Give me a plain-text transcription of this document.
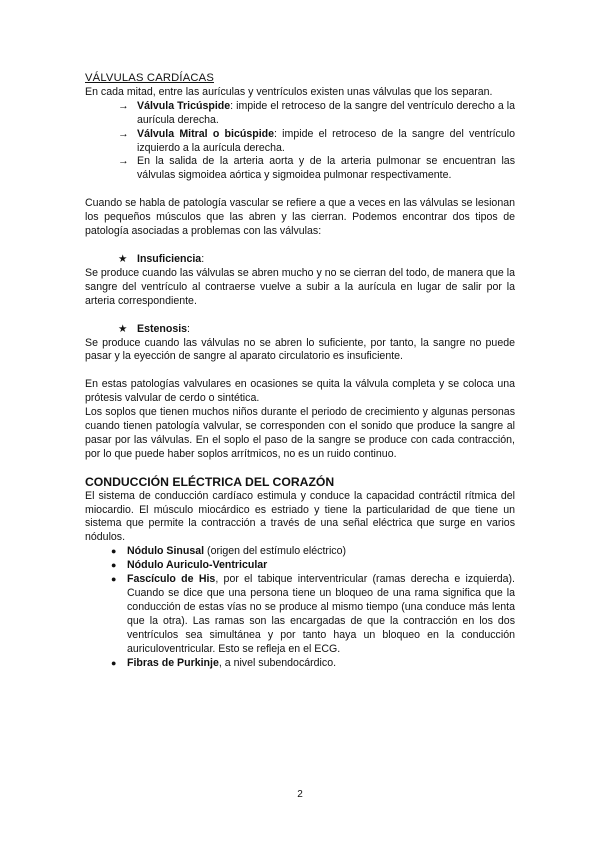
VÁLVULAS CARDÍACAS

En cada mitad, entre las aurículas y ventrículos existen unas válvulas que los separan.

→ Válvula Tricúspide: impide el retroceso de la sangre del ventrículo derecho a la aurícula derecha.
→ Válvula Mitral o bicúspide: impide el retroceso de la sangre del ventrículo izquierdo a la aurícula derecha.
→ En la salida de la arteria aorta y de la arteria pulmonar se encuentran las válvulas sigmoidea aórtica y sigmoidea pulmonar respectivamente.

Cuando se habla de patología vascular se refiere a que a veces en las válvulas se lesionan los pequeños músculos que las abren y las cierran. Podemos encontrar dos tipos de patología asociadas a problemas con las válvulas:

★ Insuficiencia:

Se produce cuando las válvulas se abren mucho y no se cierran del todo, de manera que la sangre del ventrículo al contraerse vuelve a subir a la aurícula en lugar de salir por la arteria correspondiente.

★ Estenosis:

Se produce cuando las válvulas no se abren lo suficiente, por tanto, la sangre no puede pasar y la eyección de sangre al aparato circulatorio es insuficiente.

En estas patologías valvulares en ocasiones se quita la válvula completa y se coloca una prótesis valvular de cerdo o sintética.

Los soplos que tienen muchos niños durante el periodo de crecimiento y algunas personas cuando tienen patología valvular, se corresponden con el sonido que produce la sangre al pasar por las válvulas. En el soplo el paso de la sangre se produce con cada contracción, por lo que puede haber soplos arrítmicos, no es un ruido continuo.

CONDUCCIÓN ELÉCTRICA DEL CORAZÓN

El sistema de conducción cardíaco estimula y conduce la capacidad contráctil rítmica del miocardio. El músculo miocárdico es estriado y tiene la particularidad de que tiene un sistema que permite la contracción a través de una señal eléctrica que surge en varios nódulos.

● Nódulo Sinusal (origen del estímulo eléctrico)
● Nódulo Auriculo-Ventricular
● Fascículo de His, por el tabique interventricular (ramas derecha e izquierda). Cuando se dice que una persona tiene un bloqueo de una rama significa que la conducción de estas vías no se produce al mismo tiempo (una conduce más lenta que la otra). Las ramas son las encargadas de que la contracción en los dos ventrículos sea simultánea y por tanto haya un bloqueo en la conducción auriculoventricular. Esto se refleja en el ECG.
● Fibras de Purkinje, a nivel subendocárdico.
2
